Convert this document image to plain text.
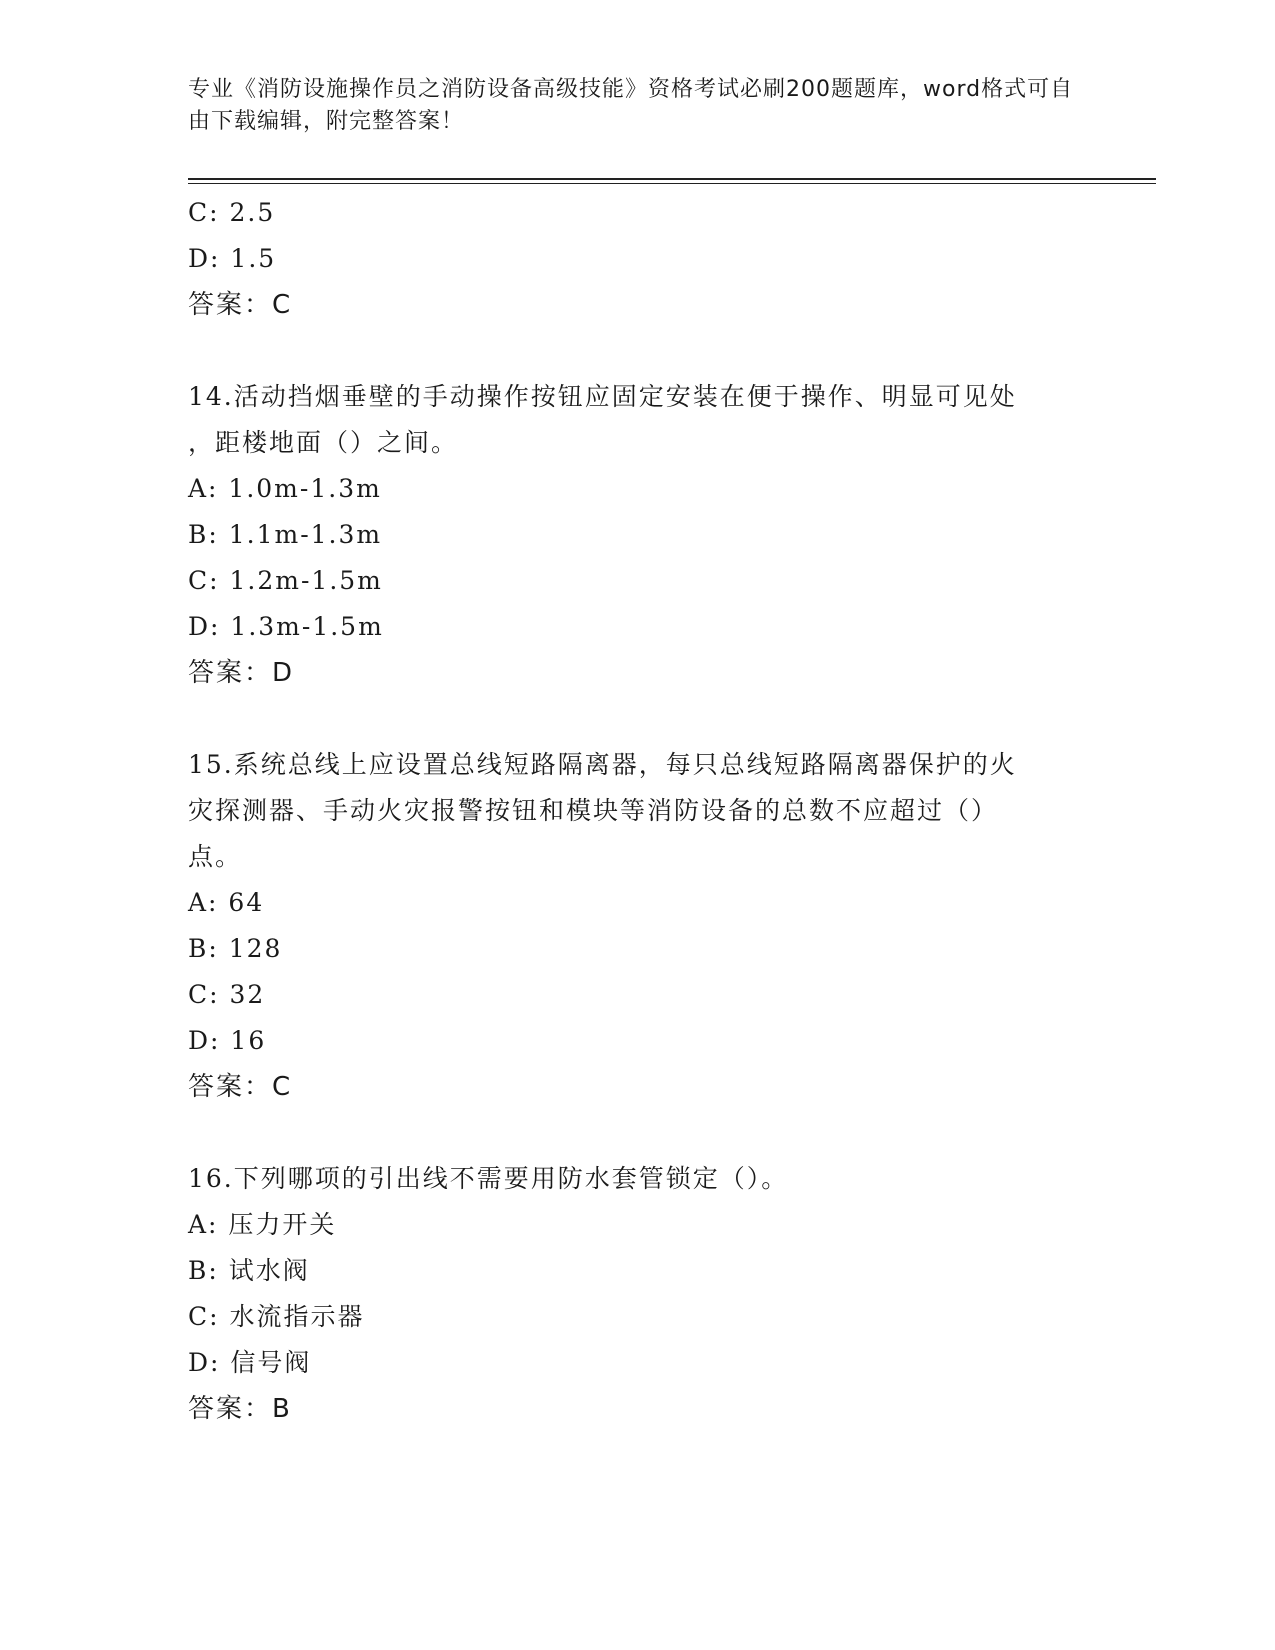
专业《消防设施操作员之消防设备高级技能》资格考试必刷200题题库，word格式可自由下载编辑，附完整答案！

C: 2.5

D: 1.5

答案：C

14.活动挡烟垂壁的手动操作按钮应固定安装在便于操作、明显可见处

，距楼地面（）之间。

A: 1.0m-1.3m

B: 1.1m-1.3m

C: 1.2m-1.5m

D: 1.3m-1.5m

答案：D

15.系统总线上应设置总线短路隔离器，每只总线短路隔离器保护的火

灾探测器、手动火灾报警按钮和模块等消防设备的总数不应超过（）

点。

A: 64

B: 128

C: 32

D: 16

答案：C

16.下列哪项的引出线不需要用防水套管锁定（）。

A: 压力开关

B: 试水阀

C: 水流指示器

D: 信号阀

答案：B
